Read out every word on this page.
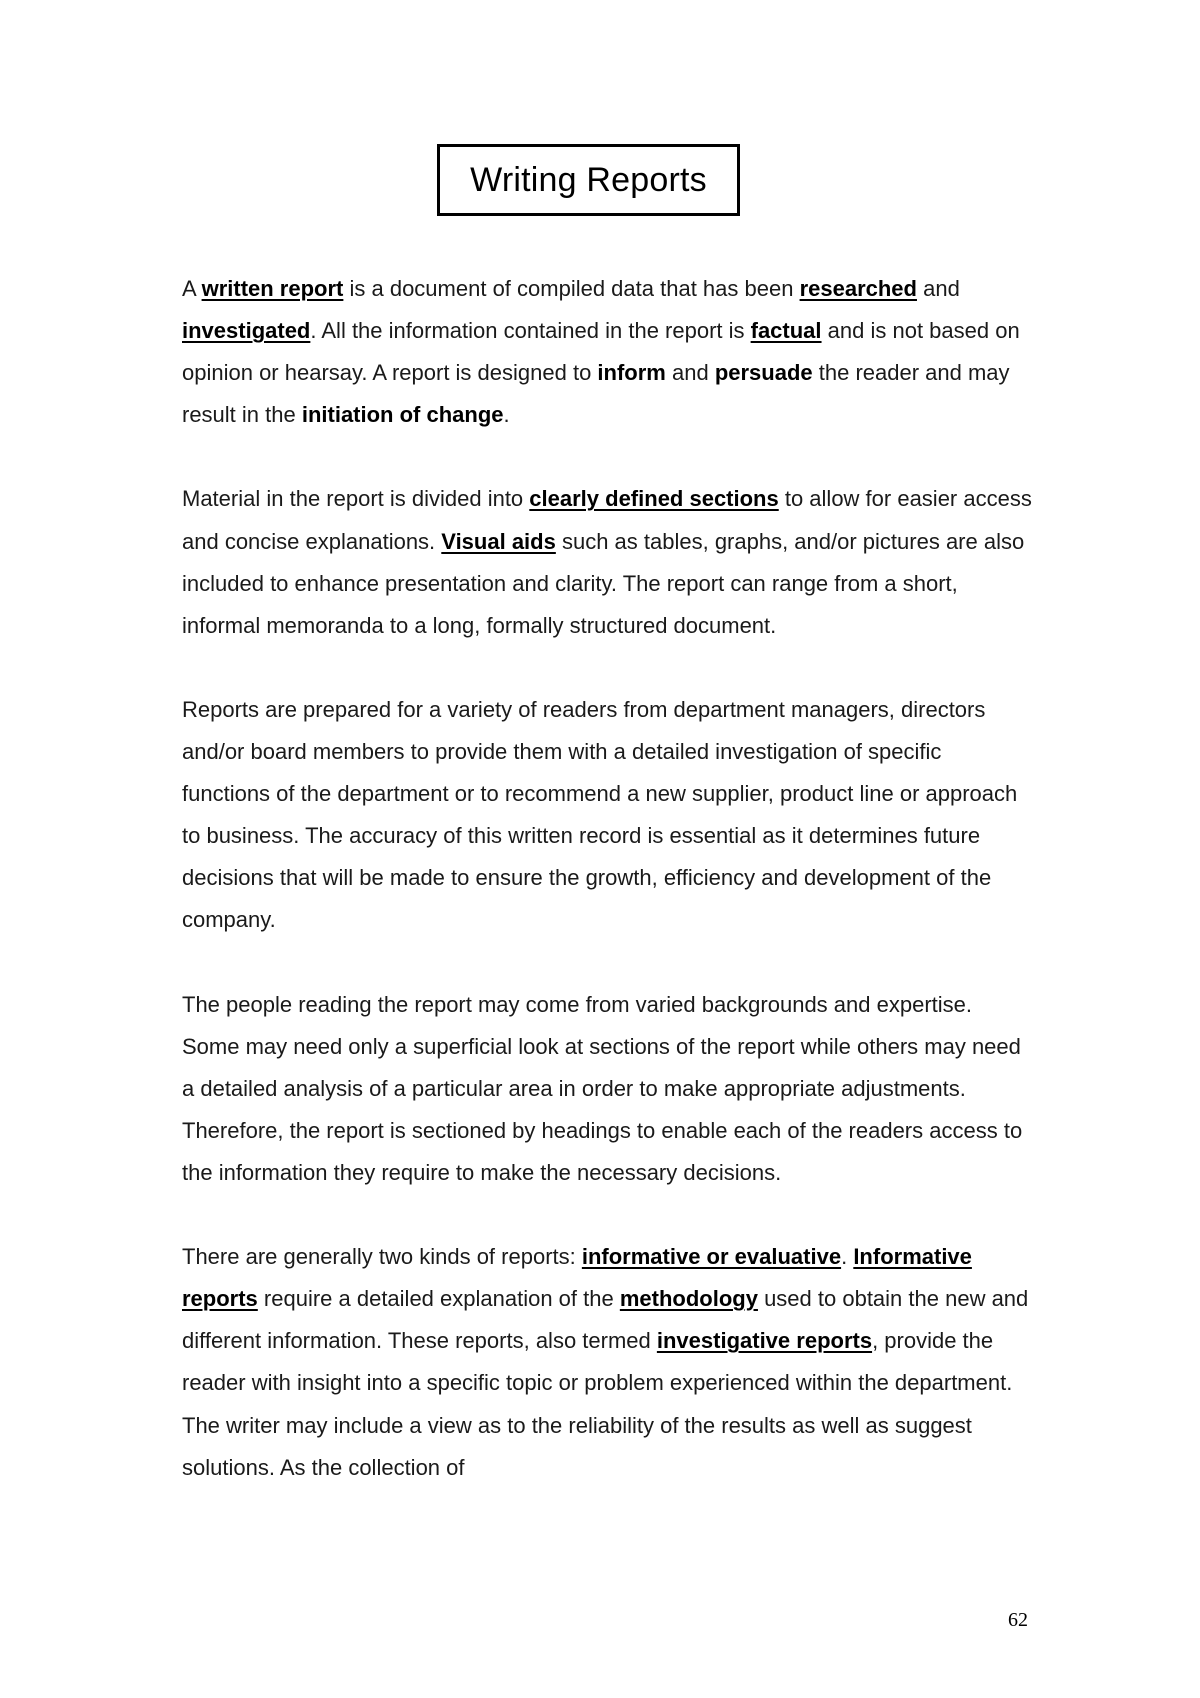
Writing Reports

A written report is a document of compiled data that has been researched and investigated. All the information contained in the report is factual and is not based on opinion or hearsay. A report is designed to inform and persuade the reader and may result in the initiation of change.

Material in the report is divided into clearly defined sections to allow for easier access and concise explanations. Visual aids such as tables, graphs, and/or pictures are also included to enhance presentation and clarity. The report can range from a short, informal memoranda to a long, formally structured document.

Reports are prepared for a variety of readers from department managers, directors and/or board members to provide them with a detailed investigation of specific functions of the department or to recommend a new supplier, product line or approach to business. The accuracy of this written record is essential as it determines future decisions that will be made to ensure the growth, efficiency and development of the company.

The people reading the report may come from varied backgrounds and expertise. Some may need only a superficial look at sections of the report while others may need a detailed analysis of a particular area in order to make appropriate adjustments. Therefore, the report is sectioned by headings to enable each of the readers access to the information they require to make the necessary decisions.

There are generally two kinds of reports: informative or evaluative. Informative reports require a detailed explanation of the methodology used to obtain the new and different information. These reports, also termed investigative reports, provide the reader with insight into a specific topic or problem experienced within the department. The writer may include a view as to the reliability of the results as well as suggest solutions. As the collection of

62
